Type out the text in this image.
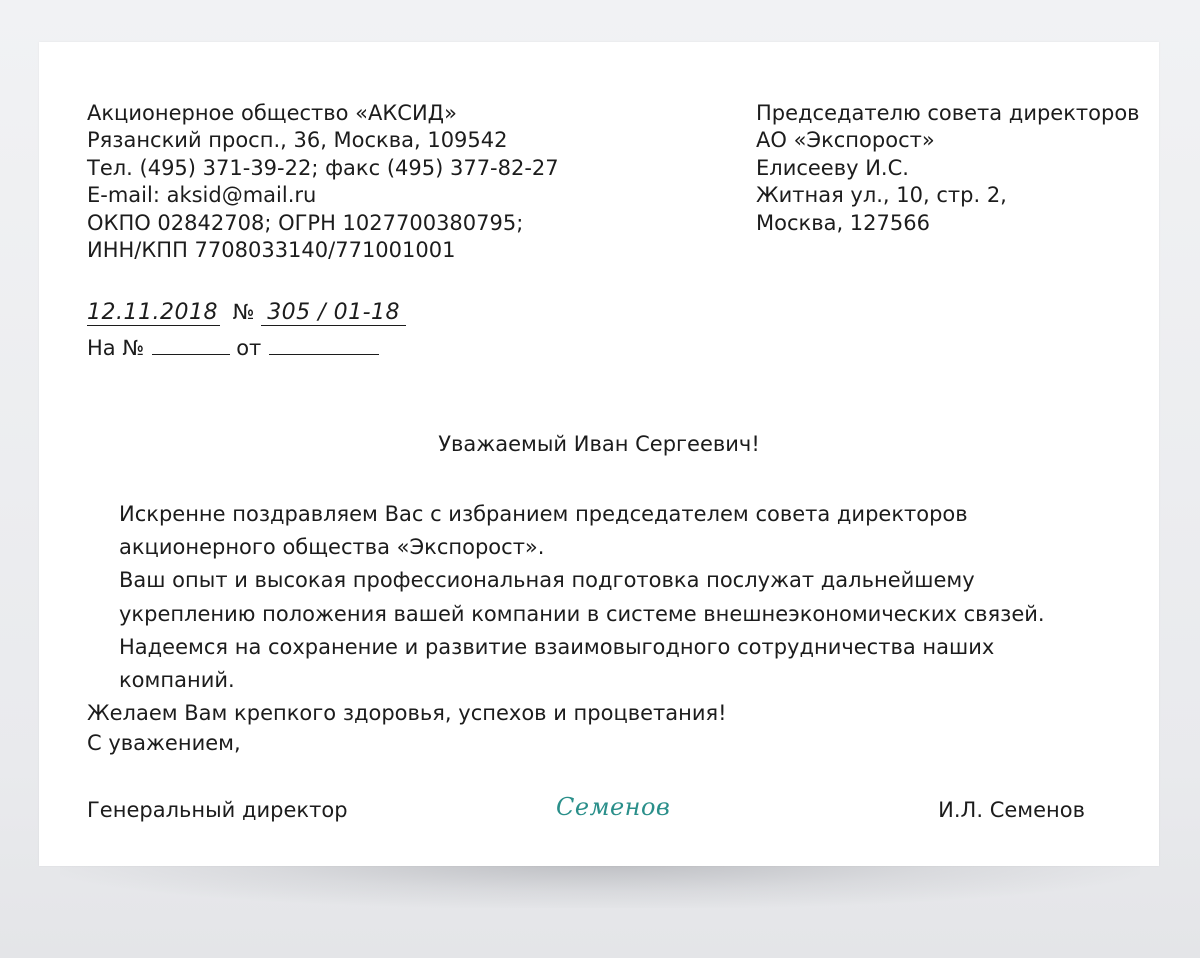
Акционерное общество «АКСИД»
Рязанский просп., 36, Москва, 109542
Тел. (495) 371-39-22; факс (495) 377-82-27
E-mail: aksid@mail.ru
ОКПО 02842708; ОГРН 1027700380795;
ИНН/КПП 7708033140/771001001
Председателю совета директоров
АО «Экспорост»
Елисееву И.С.
Житная ул., 10, стр. 2,
Москва, 127566
12.11.2018 № 305 / 01-18
На №	от
Уважаемый Иван Сергеевич!

Искренне поздравляем Вас с избранием председателем совета директоров акционерного общества «Экспорост».

Ваш опыт и высокая профессиональная подготовка послужат дальнейшему укреплению положения вашей компании в системе внешнеэкономических связей.

Надеемся на сохранение и развитие взаимовыгодного сотрудничества наших компаний.

Желаем Вам крепкого здоровья, успехов и процветания!

С уважением,
Генеральный директор	Семенов	И.Л. Семенов
